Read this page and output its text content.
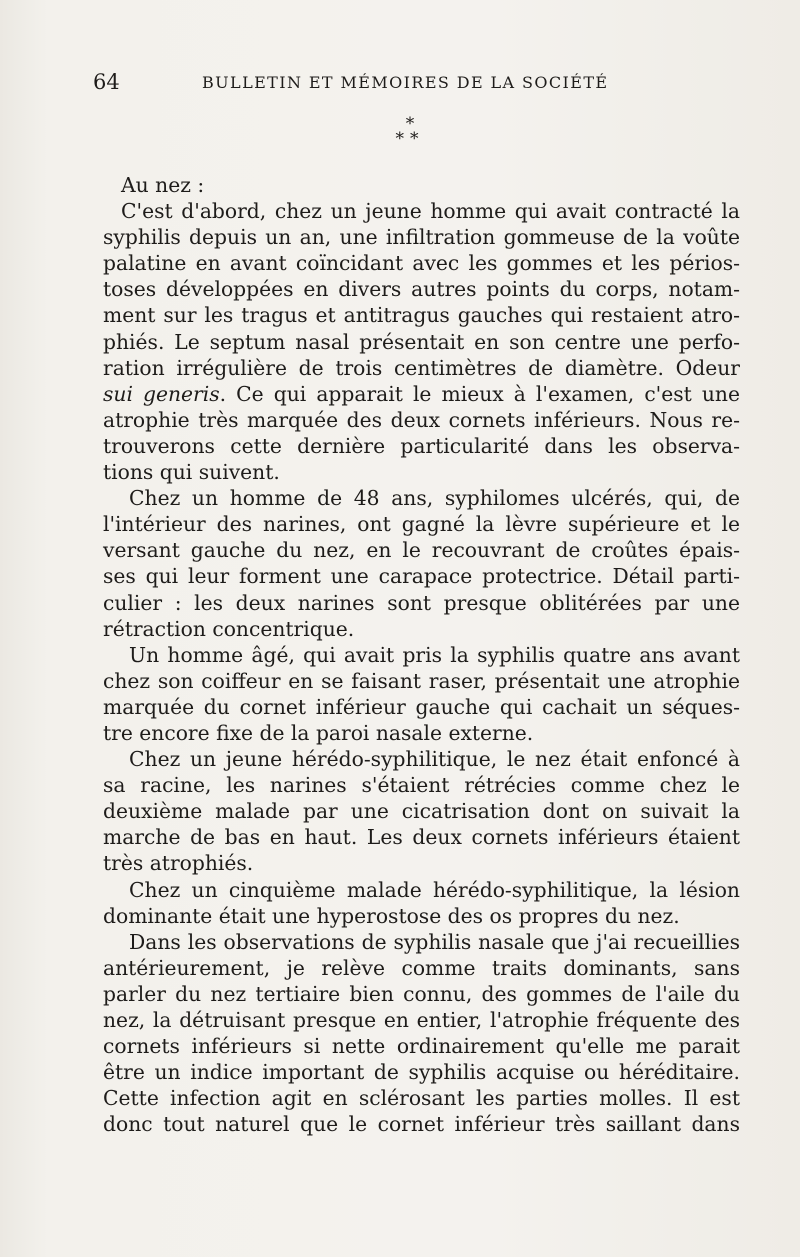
64	BULLETIN ET MÉMOIRES DE LA SOCIÉTÉ
*
**
Au nez :
C'est d'abord, chez un jeune homme qui avait contracté la
syphilis depuis un an, une infiltration gommeuse de la voûte
palatine en avant coïncidant avec les gommes et les périos-
toses développées en divers autres points du corps, notam-
ment sur les tragus et antitragus gauches qui restaient atro-
phiés. Le septum nasal présentait en son centre une perfo-
ration irrégulière de trois centimètres de diamètre. Odeur
sui generis. Ce qui apparait le mieux à l'examen, c'est une
atrophie très marquée des deux cornets inférieurs. Nous re-
trouverons cette dernière particularité dans les observa-
tions qui suivent.
Chez un homme de 48 ans, syphilomes ulcérés, qui, de
l'intérieur des narines, ont gagné la lèvre supérieure et le
versant gauche du nez, en le recouvrant de croûtes épais-
ses qui leur forment une carapace protectrice. Détail parti-
culier : les deux narines sont presque oblitérées par une
rétraction concentrique.
Un homme âgé, qui avait pris la syphilis quatre ans avant
chez son coiffeur en se faisant raser, présentait une atrophie
marquée du cornet inférieur gauche qui cachait un séques-
tre encore fixe de la paroi nasale externe.
Chez un jeune hérédo-syphilitique, le nez était enfoncé à
sa racine, les narines s'étaient rétrécies comme chez le
deuxième malade par une cicatrisation dont on suivait la
marche de bas en haut. Les deux cornets inférieurs étaient
très atrophiés.
Chez un cinquième malade hérédo-syphilitique, la lésion
dominante était une hyperostose des os propres du nez.
Dans les observations de syphilis nasale que j'ai recueillies
antérieurement, je relève comme traits dominants, sans
parler du nez tertiaire bien connu, des gommes de l'aile du
nez, la détruisant presque en entier, l'atrophie fréquente des
cornets inférieurs si nette ordinairement qu'elle me parait
être un indice important de syphilis acquise ou héréditaire.
Cette infection agit en sclérosant les parties molles. Il est
donc tout naturel que le cornet inférieur très saillant dans
